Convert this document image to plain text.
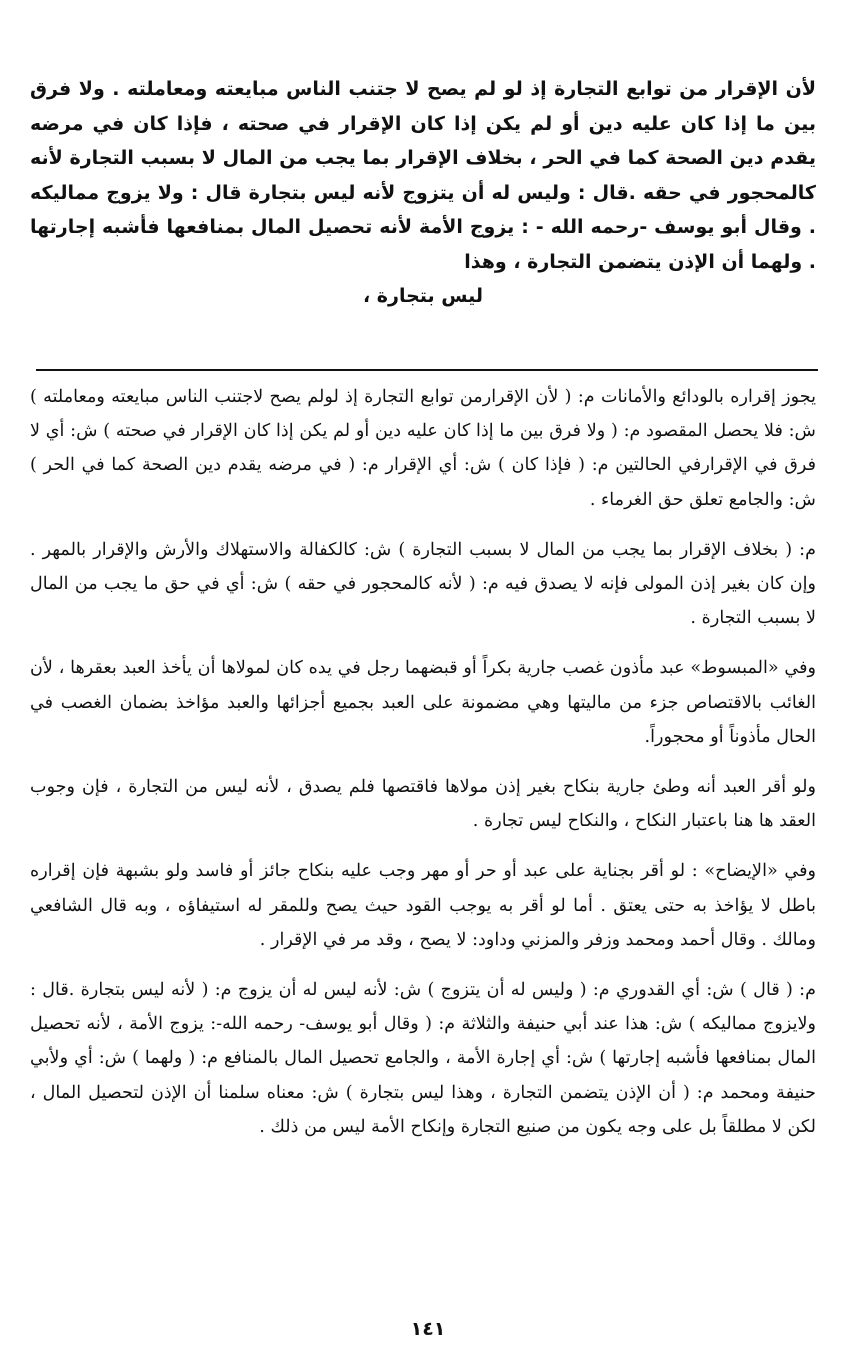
لأن الإقرار من توابع التجارة إذ لو لم يصح لا جتنب الناس مبايعته ومعاملته . ولا فرق بين ما إذا كان عليه دين أو لم يكن إذا كان الإقرار في صحته ، فإذا كان في مرضه يقدم دين الصحة كما في الحر ، بخلاف الإقرار بما يجب من المال لا بسبب التجارة لأنه كالمحجور في حقه .قال : وليس له أن يتزوج لأنه ليس بتجارة قال : ولا يزوج مماليكه . وقال أبو يوسف -رحمه الله - : يزوج الأمة لأنه تحصيل المال بمنافعها فأشبه إجارتها . ولهما أن الإذن يتضمن التجارة ، وهذا
ليس بتجارة ،

يجوز إقراره بالودائع والأمانات م: ( لأن الإقرارمن توابع التجارة إذ لولم يصح لاجتنب الناس مبايعته ومعاملته ) ش: فلا يحصل المقصود م: ( ولا فرق بين ما إذا كان عليه دين أو لم يكن إذا كان الإقرار في صحته ) ش: أي لا فرق في الإقرارفي الحالتين م: ( فإذا كان ) ش: أي الإقرار م: ( في مرضه يقدم دين الصحة كما في الحر ) ش: والجامع تعلق حق الغرماء .

م: ( بخلاف الإقرار بما يجب من المال لا بسبب التجارة ) ش: كالكفالة والاستهلاك والأرش والإقرار بالمهر . وإن كان بغير إذن المولى فإنه لا يصدق فيه م: ( لأنه كالمحجور في حقه ) ش: أي في حق ما يجب من المال لا بسبب التجارة .

وفي «المبسوط» عبد مأذون غصب جارية بكراً أو قبضهما رجل في يده كان لمولاها أن يأخذ العبد بعقرها ، لأن الغائب بالاقتصاص جزء من ماليتها وهي مضمونة على العبد بجميع أجزائها والعبد مؤاخذ بضمان الغصب في الحال مأذوناً أو محجوراً.

ولو أقر العبد أنه وطئ جارية بنكاح بغير إذن مولاها فاقتصها فلم يصدق ، لأنه ليس من التجارة ، فإن وجوب العقد ها هنا باعتبار النكاح ، والنكاح ليس تجارة .

وفي «الإيضاح» : لو أقر بجناية على عبد أو حر أو مهر وجب عليه بنكاح جائز أو فاسد ولو بشبهة فإن إقراره باطل لا يؤاخذ به حتى يعتق . أما لو أقر به يوجب القود حيث يصح وللمقر له استيفاؤه ، وبه قال الشافعي ومالك . وقال أحمد ومحمد وزفر والمزني وداود: لا يصح ، وقد مر في الإقرار .

م: ( قال ) ش: أي القدوري م: ( وليس له أن يتزوج ) ش: لأنه ليس له أن يزوج م: ( لأنه ليس بتجارة .قال : ولايزوج مماليكه ) ش: هذا عند أبي حنيفة والثلاثة م: ( وقال أبو يوسف- رحمه الله-: يزوج الأمة ، لأنه تحصيل المال بمنافعها فأشبه إجارتها ) ش: أي إجارة الأمة ، والجامع تحصيل المال بالمنافع م: ( ولهما ) ش: أي ولأبي حنيفة ومحمد م: ( أن الإذن يتضمن التجارة ، وهذا ليس بتجارة ) ش: معناه سلمنا أن الإذن لتحصيل المال ، لكن لا مطلقاً بل على وجه يكون من صنيع التجارة وإنكاح الأمة ليس من ذلك .

١٤١
